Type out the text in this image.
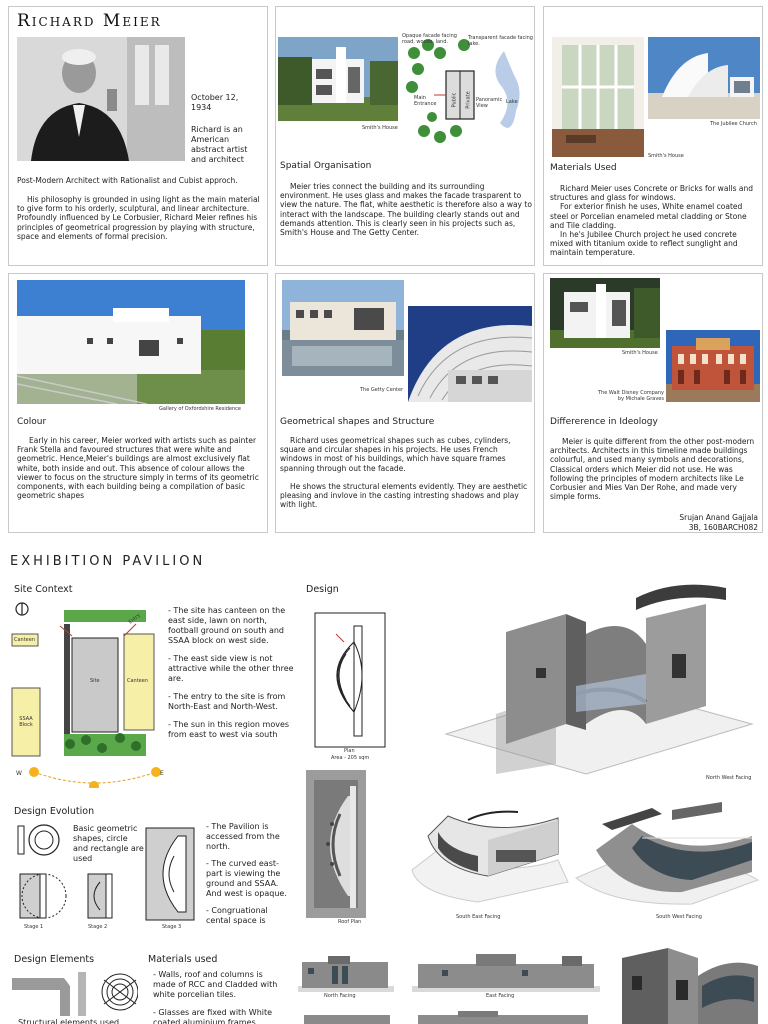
Richard Meier
October 12, 1934
Richard is an American abstract artist and architect
Post-Modern Architect with Rationalist and Cubist approch.
His philosophy is grounded in using light as the main material to give form to his orderly, sculptural, and linear architecture. Profoundly influenced by Le Corbusier, Richard Meier refines his principles of geometrical progression by playing with structure, space and elements of formal precision.
Smith's House
Opaque facade facing road, woods, land.
Transparent facade facing lake.
Main Entrance	Public Private Panoramic View
Lake
Spatial Organisation
Meier tries connect the building and its surrounding environment. He uses glass and makes the facade trasparent to view the nature. The flat, white aesthetic is therefore also a way to interact with the landscape. The building clearly stands out and demands attention. This is clearly seen in his projects such as, Smith's House and The Getty Center.
The Jubilee Church
Smith's House
Materials Used
Richard Meier uses Concrete or Bricks for walls and structures and glass for windows.
For exterior finish he uses, White enamel coated steel or Porcelian enameled metal cladding or Stone and Tile cladding.
In he's Jubilee Church project he used concrete mixed with titanium oxide to reflect sunglight and maintain temperature.
Gallery of Oxfordshire Residence
Colour
Early in his career, Meier worked with artists such as painter Frank Stella and favoured structures that were white and geometric. Hence,Meier's buildings are almost exclusively flat white, both inside and out. This absence of colour allows the viewer to focus on the structure simply in terms of its geometric components, with each building being a compilation of basic geometric shapes
The Getty Center
Geometrical shapes and Structure
Richard uses geometrical shapes such as cubes, cylinders, square and circular shapes in his projects. He uses French windows in most of his buildings, which have square frames spanning through out the facade.
He shows the structural elements evidently. They are aesthetic pleasing and invlove in the casting intresting shadows and play with light.
Smith's House
The Walt Disney Company by Michale Graves
Differerence in Ideology
Meier is quite different from the other post-modern architects. Architects in this timeline made buildings colourful, and used many symbols and decorations, Classical orders which Meier did not use. He was following the principles of modern architects like Le Corbusier and Mies Van Der Rohe, and made very simple forms.
Srujan Anand Gajjala
3B, 160BARCH082
EXHIBITION PAVILION
Site Context
Canteen
Site	Canteen
SSAA Block
Entry
W	E
- The site has canteen on the east side, lawn on north, football ground on south and SSAA block on west side.
- The east side view is not attractive while the other three are.
- The entry to the site is from North-East and North-West.
- The sun in this region moves from east to west via south
Design
Plan
Area - 205 sqm
North West Facing
Design Evolution
Basic geometric shapes, circle and rectangle are used
Stage 1	Stage 2	Stage 3
- The Pavilion is accessed from the north.
- The curved east-part is viewing the ground and SSAA. And west is opaque.
- Congruational cental space is	Roof Plan
South East Facing	South West Facing
Design Elements
Structural elements used
Materials used
- Walls, roof and columns is made of RCC and Cladded with white porcelian tiles.
- Glasses are fixed with White coated aluminium frames.
North Facing	East Facing
